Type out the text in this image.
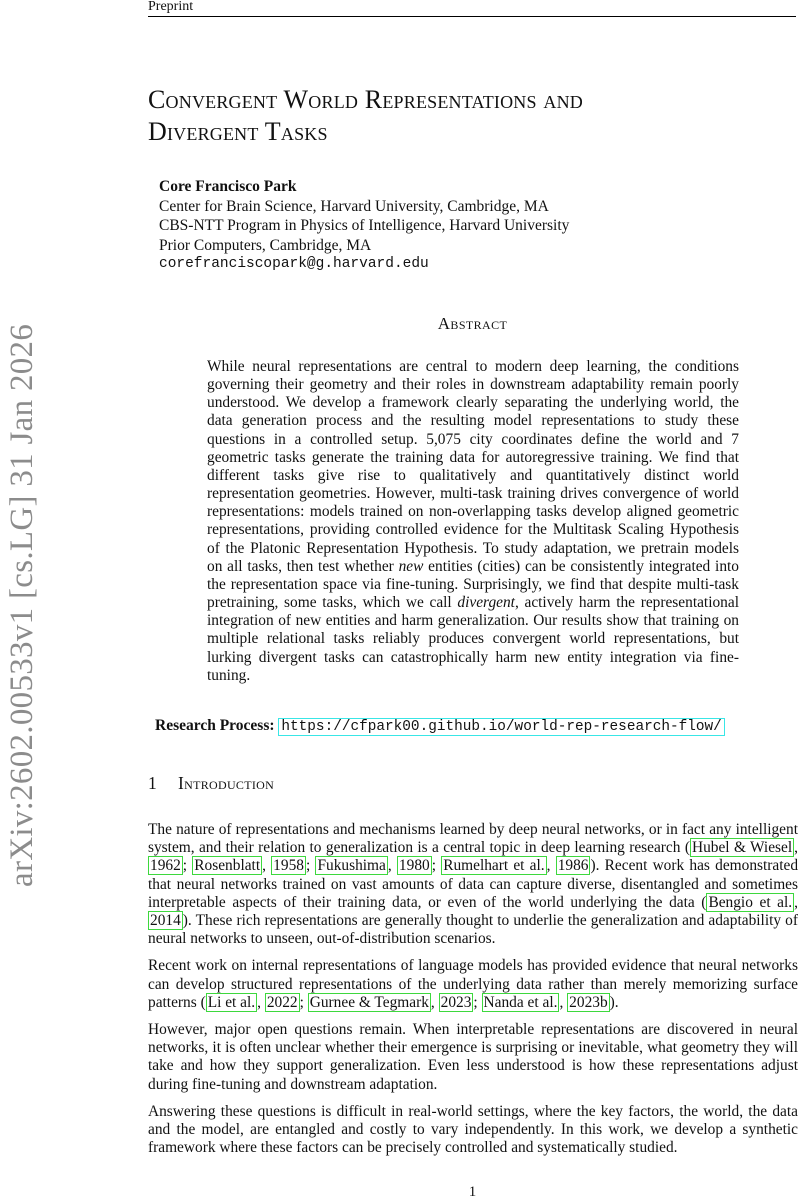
Preprint
arXiv:2602.00533v1 [cs.LG] 31 Jan 2026
Convergent World Representations and
Divergent Tasks
Core Francisco Park
Center for Brain Science, Harvard University, Cambridge, MA
CBS-NTT Program in Physics of Intelligence, Harvard University
Prior Computers, Cambridge, MA
corefranciscopark@g.harvard.edu
Abstract
While neural representations are central to modern deep learning, the conditions governing their geometry and their roles in downstream adaptability remain poorly understood. We develop a framework clearly separating the underlying world, the data generation process and the resulting model representations to study these questions in a controlled setup. 5,075 city coordinates define the world and 7 geometric tasks generate the training data for autoregressive training. We find that different tasks give rise to qualitatively and quantitatively distinct world representation geometries. However, multi-task training drives convergence of world representations: models trained on non-overlapping tasks develop aligned geometric representations, providing controlled evidence for the Multitask Scaling Hypothesis of the Platonic Representation Hypothesis. To study adaptation, we pretrain models on all tasks, then test whether new entities (cities) can be consistently integrated into the representation space via fine-tuning. Surprisingly, we find that despite multi-task pretraining, some tasks, which we call divergent, actively harm the representational integration of new entities and harm generalization. Our results show that training on multiple relational tasks reliably produces convergent world representations, but lurking divergent tasks can catastrophically harm new entity integration via fine-tuning.
Research Process: https://cfpark00.github.io/world-rep-research-flow/
1 Introduction

The nature of representations and mechanisms learned by deep neural networks, or in fact any intelligent system, and their relation to generalization is a central topic in deep learning research ( Hubel & Wiesel , 1962 ; Rosenblatt , 1958 ; Fukushima , 1980 ; Rumelhart et al. , 1986 ). Recent work has demonstrated that neural networks trained on vast amounts of data can capture diverse, disentangled and sometimes interpretable aspects of their training data, or even of the world underlying the data ( Bengio et al. , 2014 ). These rich representations are generally thought to underlie the generalization and adaptability of neural networks to unseen, out-of-distribution scenarios.

Recent work on internal representations of language models has provided evidence that neural networks can develop structured representations of the underlying data rather than merely memorizing surface patterns ( Li et al. , 2022 ; Gurnee & Tegmark , 2023 ; Nanda et al. , 2023b ).

However, major open questions remain. When interpretable representations are discovered in neural networks, it is often unclear whether their emergence is surprising or inevitable, what geometry they will take and how they support generalization. Even less understood is how these representations adjust during fine-tuning and downstream adaptation.

Answering these questions is difficult in real-world settings, where the key factors, the world, the data and the model, are entangled and costly to vary independently. In this work, we develop a synthetic framework where these factors can be precisely controlled and systematically studied.

1
